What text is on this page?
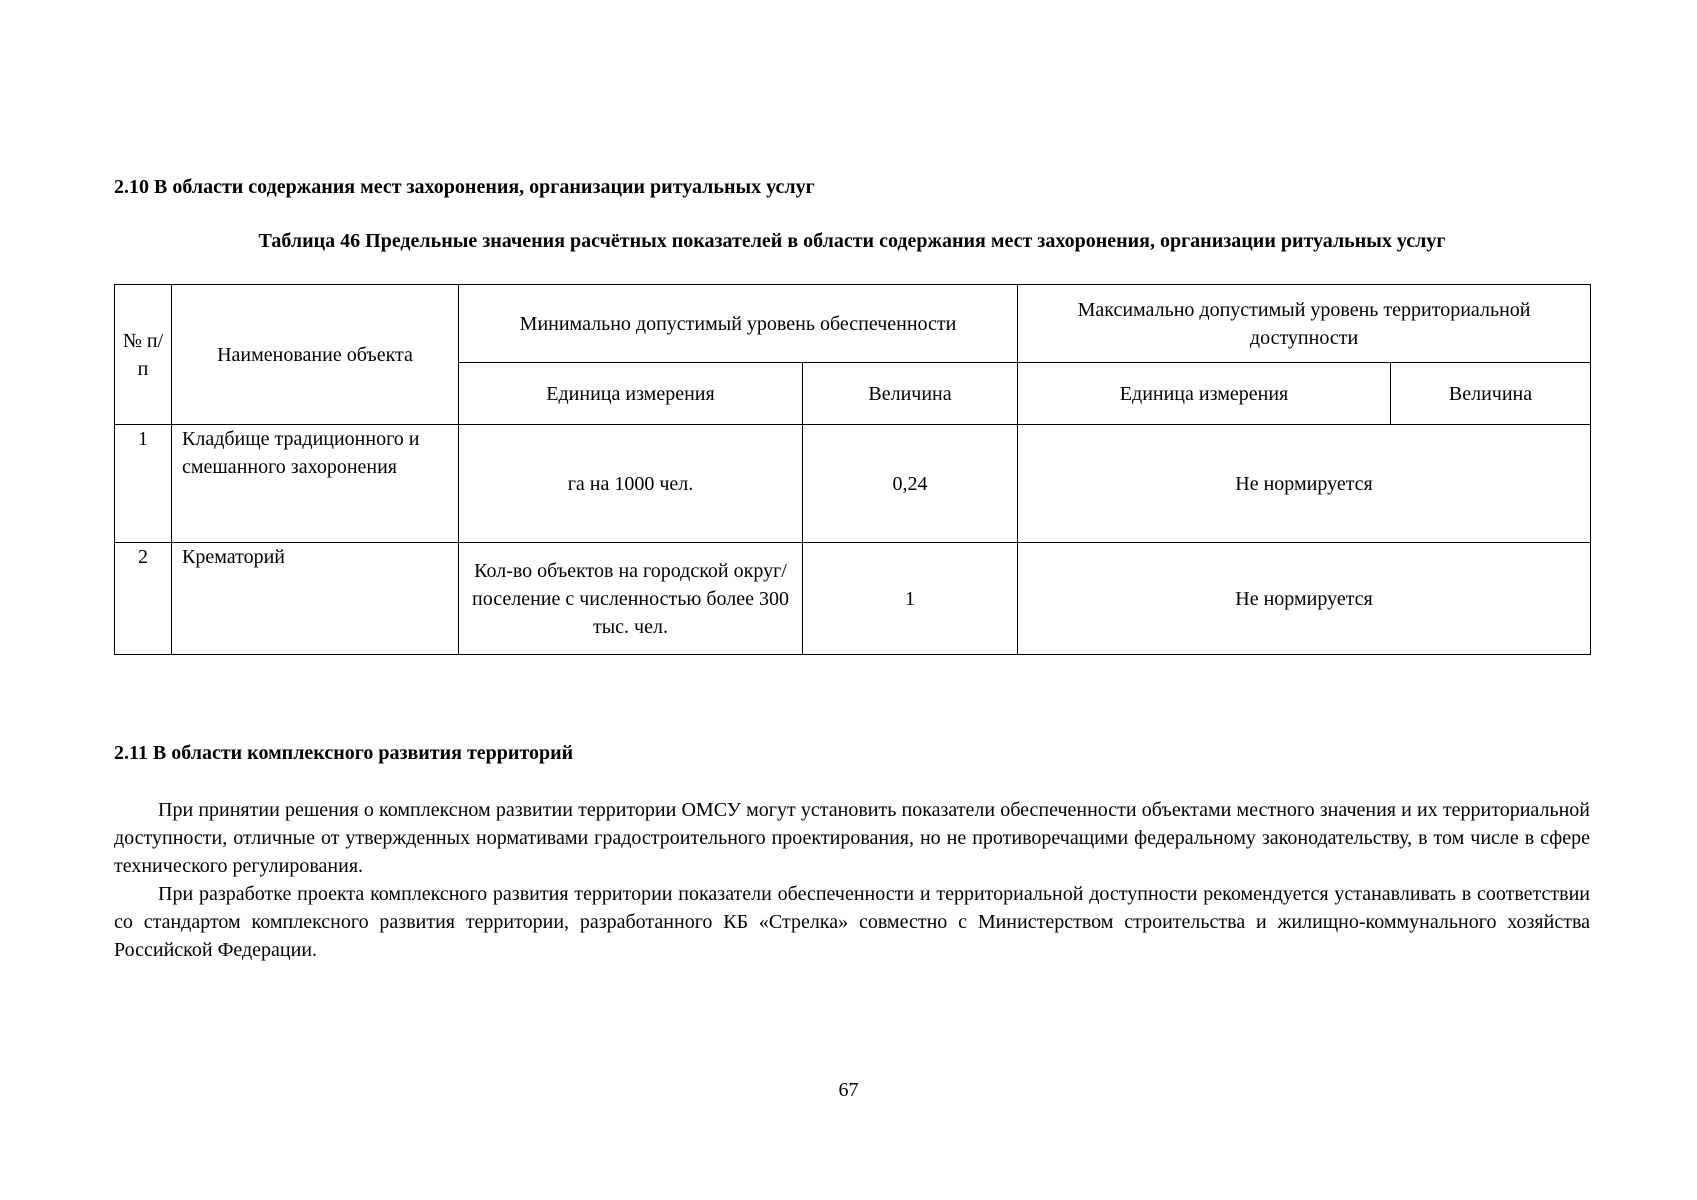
2.10 В области содержания мест захоронения, организации ритуальных услуг
Таблица 46 Предельные значения расчётных показателей в области содержания мест захоронения, организации ритуальных услуг
№ п/п	Наименование объекта	Минимально допустимый уровень обеспеченности		Максимально допустимый уровень территориальной доступности	
		Единица измерения	Величина	Единица измерения	Величина
1	Кладбище традиционного и смешанного захоронения	га на 1000 чел.	0,24	Не нормируется	
2	Крематорий	Кол-во объектов на городской округ/поселение с численностью более 300 тыс. чел.	1	Не нормируется	
2.11 В области комплексного развития территорий

При принятии решения о комплексном развитии территории ОМСУ могут установить показатели обеспеченности объектами местного значения и их территориальной доступности, отличные от утвержденных нормативами градостроительного проектирования, но не противоречащими федеральному законодательству, в том числе в сфере технического регулирования.

При разработке проекта комплексного развития территории показатели обеспеченности и территориальной доступности рекомендуется устанавливать в соответствии со стандартом комплексного развития территории, разработанного КБ «Стрелка» совместно с Министерством строительства и жилищно-коммунального хозяйства Российской Федерации.

67
